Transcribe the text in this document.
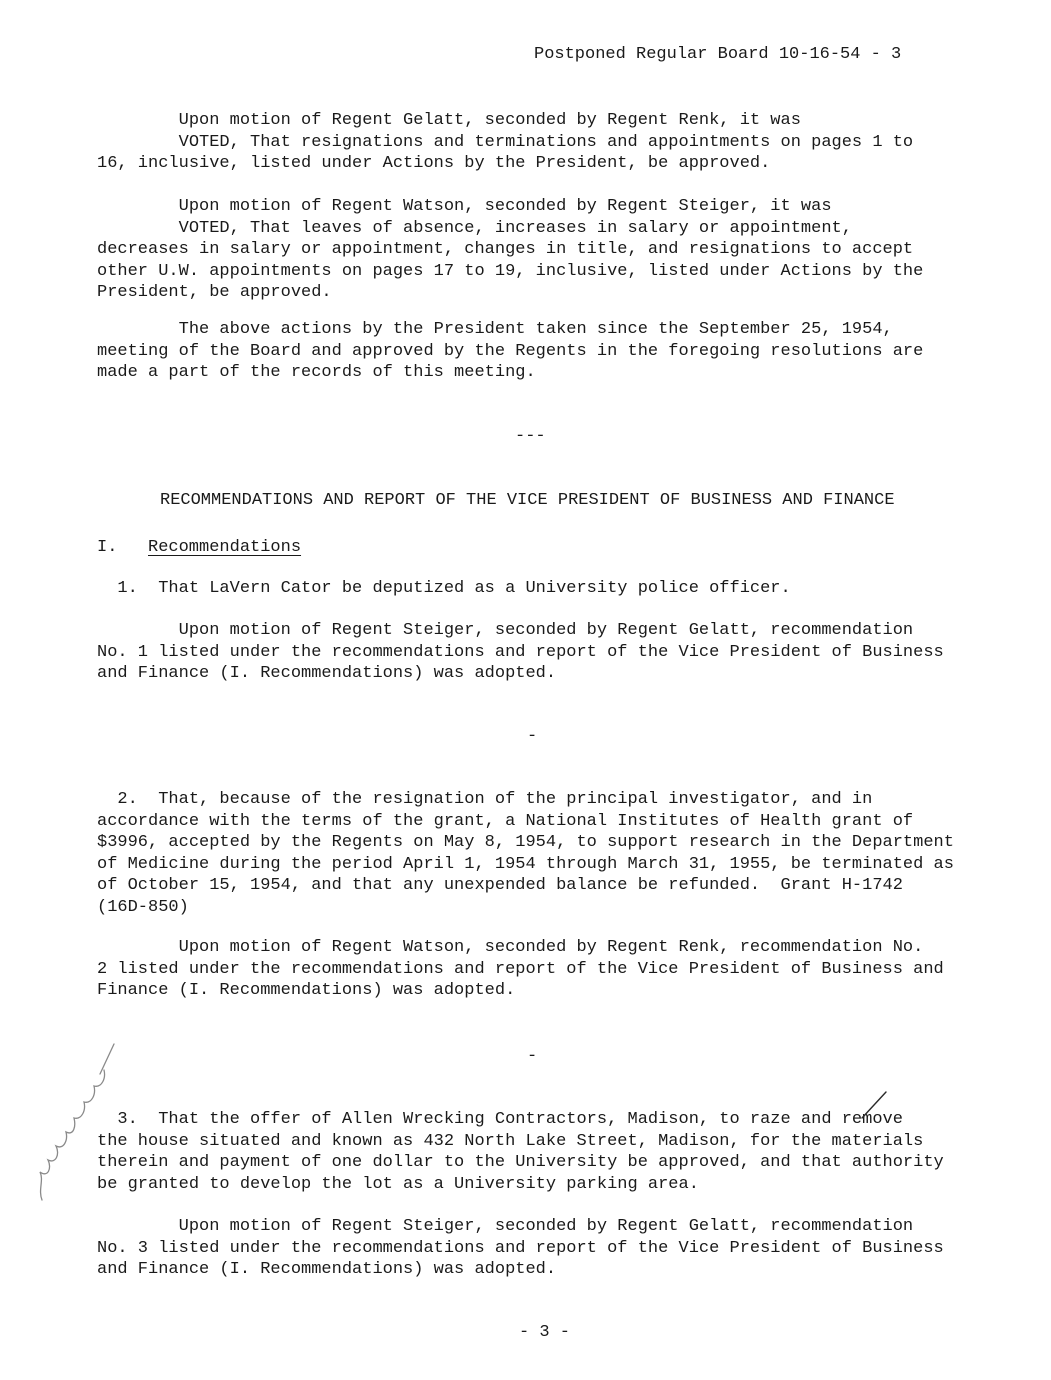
Postponed Regular Board 10-16-54 - 3

Upon motion of Regent Gelatt, seconded by Regent Renk, it was
VOTED, That resignations and terminations and appointments on pages 1 to
16, inclusive, listed under Actions by the President, be approved.

Upon motion of Regent Watson, seconded by Regent Steiger, it was
VOTED, That leaves of absence, increases in salary or appointment,
decreases in salary or appointment, changes in title, and resignations to accept
other U.W. appointments on pages 17 to 19, inclusive, listed under Actions by the
President, be approved.

The above actions by the President taken since the September 25, 1954,
meeting of the Board and approved by the Regents in the foregoing resolutions are
made a part of the records of this meeting.

---

RECOMMENDATIONS AND REPORT OF THE VICE PRESIDENT OF BUSINESS AND FINANCE

I. Recommendations

1.  That LaVern Cator be deputized as a University police officer.

Upon motion of Regent Steiger, seconded by Regent Gelatt, recommendation
No. 1 listed under the recommendations and report of the Vice President of Business
and Finance (I. Recommendations) was adopted.

-

2.  That, because of the resignation of the principal investigator, and in
accordance with the terms of the grant, a National Institutes of Health grant of
$3996, accepted by the Regents on May 8, 1954, to support research in the Department
of Medicine during the period April 1, 1954 through March 31, 1955, be terminated as
of October 15, 1954, and that any unexpended balance be refunded.  Grant H-1742
(16D-850)

Upon motion of Regent Watson, seconded by Regent Renk, recommendation No.
2 listed under the recommendations and report of the Vice President of Business and
Finance (I. Recommendations) was adopted.

-

3.  That the offer of Allen Wrecking Contractors, Madison, to raze and remove
the house situated and known as 432 North Lake Street, Madison, for the materials
therein and payment of one dollar to the University be approved, and that authority
be granted to develop the lot as a University parking area.

Upon motion of Regent Steiger, seconded by Regent Gelatt, recommendation
No. 3 listed under the recommendations and report of the Vice President of Business
and Finance (I. Recommendations) was adopted.

- 3 -
